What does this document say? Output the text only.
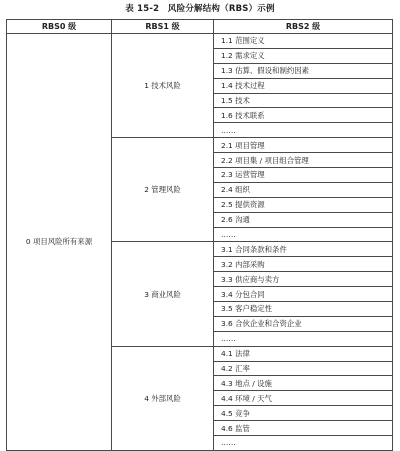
表 15-2　风险分解结构（RBS）示例
RBS0 级	RBS1 级	RBS2 级
0 项目风险所有来源	1 技术风险	1.1 范围定义
		1.2 需求定义
		1.3 估算、假设和制约因素
		1.4 技术过程
		1.5 技术
		1.6 技术联系
		……
	2 管理风险	2.1 项目管理
		2.2 项目集 / 项目组合管理
		2.3 运营管理
		2.4 组织
		2.5 提供资源
		2.6 沟通
		……
	3 商业风险	3.1 合同条款和条件
		3.2 内部采购
		3.3 供应商与卖方
		3.4 分包合同
		3.5 客户稳定性
		3.6 合伙企业和合资企业
		……
	4 外部风险	4.1 法律
		4.2 汇率
		4.3 地点 / 设施
		4.4 环境 / 天气
		4.5 竞争
		4.6 监管
		……
